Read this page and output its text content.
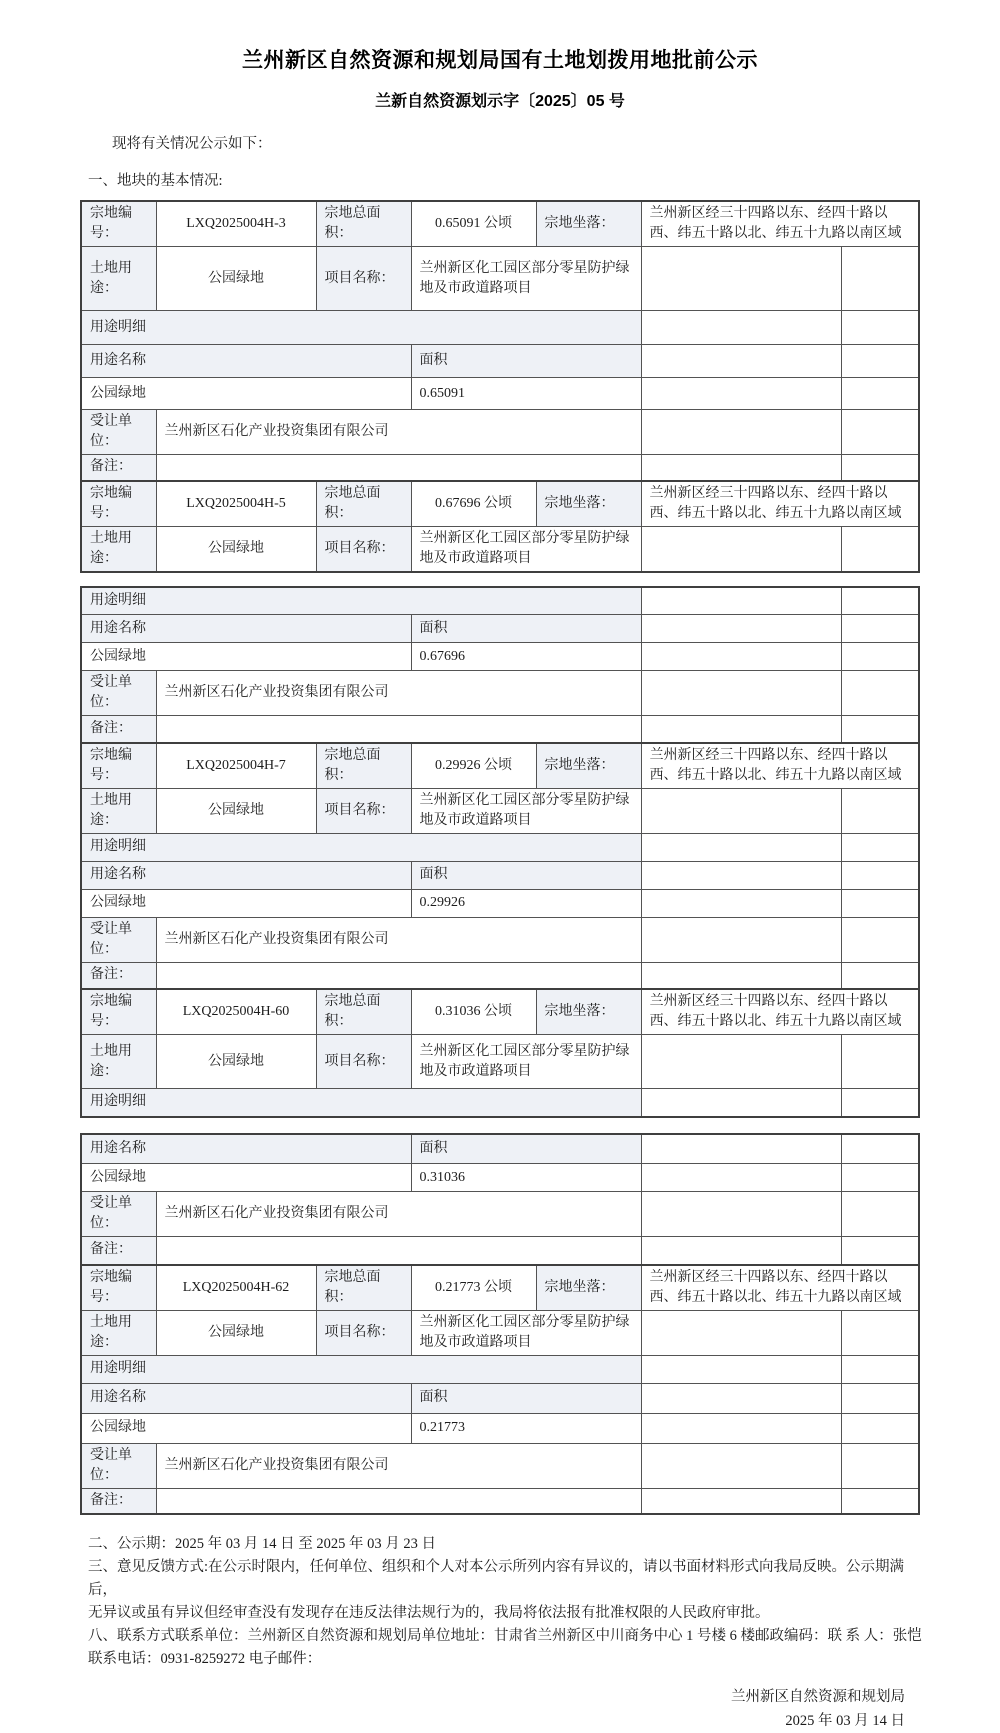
兰州新区自然资源和规划局国有土地划拨用地批前公示
兰新自然资源划示字〔2025〕05 号

现将有关情况公示如下：

一、地块的基本情况:

宗地编号：	LXQ2025004H-3	宗地总面积：	0.65091 公顷	宗地坐落：	兰州新区经三十四路以东、经四十路以西、纬五十路以北、纬五十九路以南区域	
土地用途：	公园绿地	项目名称：	兰州新区化工园区部分零星防护绿地及市政道路项目			
用途明细						
用途名称			面积			
公园绿地			0.65091			
受让单位：	兰州新区石化产业投资集团有限公司					
备注：						
宗地编号：	LXQ2025004H-5	宗地总面积：	0.67696 公顷	宗地坐落：	兰州新区经三十四路以东、经四十路以西、纬五十路以北、纬五十九路以南区域	
土地用途：	公园绿地	项目名称：	兰州新区化工园区部分零星防护绿地及市政道路项目			
用途明细						
用途名称			面积			
公园绿地			0.67696			
受让单位：	兰州新区石化产业投资集团有限公司					
备注：						
宗地编号：	LXQ2025004H-7	宗地总面积：	0.29926 公顷	宗地坐落：	兰州新区经三十四路以东、经四十路以西、纬五十路以北、纬五十九路以南区域	
土地用途：	公园绿地	项目名称：	兰州新区化工园区部分零星防护绿地及市政道路项目			
用途明细						
用途名称			面积			
公园绿地			0.29926			
受让单位：	兰州新区石化产业投资集团有限公司					
备注：						
宗地编号：	LXQ2025004H-60	宗地总面积：	0.31036 公顷	宗地坐落：	兰州新区经三十四路以东、经四十路以西、纬五十路以北、纬五十九路以南区域	
土地用途：	公园绿地	项目名称：	兰州新区化工园区部分零星防护绿地及市政道路项目			
用途明细						
用途名称			面积			
公园绿地			0.31036			
受让单位：	兰州新区石化产业投资集团有限公司					
备注：						
宗地编号：	LXQ2025004H-62	宗地总面积：	0.21773 公顷	宗地坐落：	兰州新区经三十四路以东、经四十路以西、纬五十路以北、纬五十九路以南区域	
土地用途：	公园绿地	项目名称：	兰州新区化工园区部分零星防护绿地及市政道路项目			
用途明细						
用途名称			面积			
公园绿地			0.21773			
受让单位：	兰州新区石化产业投资集团有限公司					
备注：						

二、公示期：2025 年 03 月 14 日 至 2025 年 03 月 23 日

三、意见反馈方式:在公示时限内，任何单位、组织和个人对本公示所列内容有异议的，请以书面材料形式向我局反映。公示期满后，

无异议或虽有异议但经审查没有发现存在违反法律法规行为的，我局将依法报有批准权限的人民政府审批。

八、联系方式联系单位：兰州新区自然资源和规划局单位地址：甘肃省兰州新区中川商务中心 1 号楼 6 楼邮政编码：联 系 人：张恺

联系电话：0931-8259272 电子邮件：

兰州新区自然资源和规划局

2025 年 03 月 14 日
